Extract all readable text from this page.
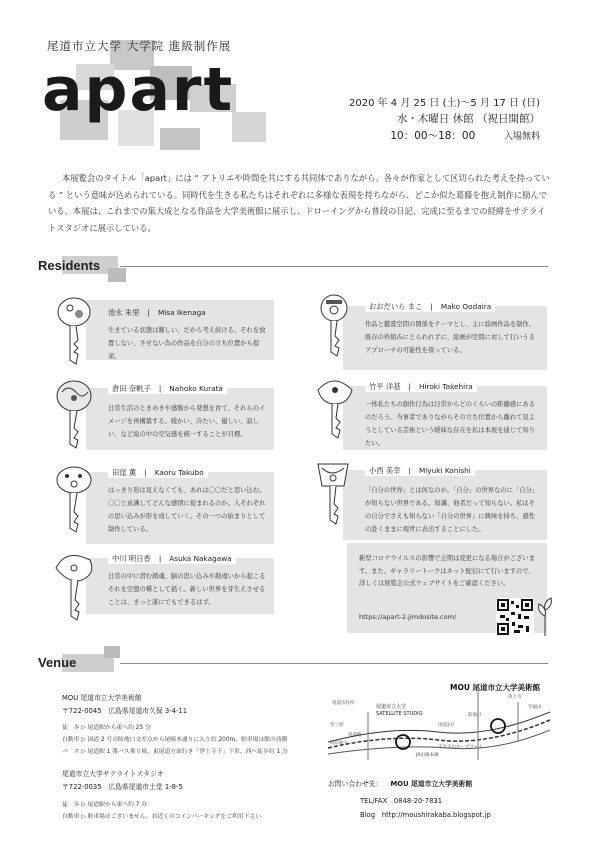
尾道市立大学 大学院 進級制作展
apart	2020 年 4 月 25 日 (土)～5 月 17 日 (日)
水・木曜日 休館 （祝日開館）
10：00～18：00	入場無料

本展覧会のタイトル「apart」には “ アトリエや時間を共にする共同体でありながら、各々が作家として区切られた考えを持っている ” という意味が込められている。同時代を生きる私たちはそれぞれに多様な表現を持ちながら、どこか似た葛藤を抱え制作に励んでいる。本展は、これまでの集大成となる作品を大学美術館に展示し、ドローイングから普段の日記、完成に至るまでの経緯をサテライトスタジオに展示している。

Residents
池永 朱里 | Misa Ikenaga
生きている状態は難しい、だから考え続ける。それを放置しない、させない為の作品を自分の立ち位置から提案。
おおだいら まこ | Mako Oodaira
作品と鑑賞空間の関係をテーマとし、主に絵画作品を制作。既存の枠組みにとらわれずに、絵画が空間に対して行いうるアプローチの可能性を探っている。
倉田 奈帆子 | Nahoko Kurata
日常生活のときめきや感動から発想を育て、それらのイメージを再構築する。暖かい、冷たい、優しい、寂しい、など絵の中の空気感を統一することが目標。
竹平 洋基 | Hiroki Takehira
一体私たちの創作行為は日常からどのくらいの距離感にあるのだろう。当事者でありながらその立ち位置から離れて見ようとしている芸術という曖昧な存在を私は本展を通じて知りたい。
田窪 薫 | Kaoru Takubo
はっきり形は見えなくても、あれは〇〇だと思い込む。〇〇と意識してどんな感情に捉まれるのか。人それぞれの思い込みが形を成していく。その一つの始まりとして制作している。
小西 美幸 | Miyuki Konishi
「自分の世界」とは何なのか。「自分」の世界なのに「自分」が知らない世界である。知識、他者だって知らない。私はその自分でさえも知らない「自分の世界」に興味を持ち、感性の赴くままに現世に表出することにした。
中川 明日香 | Asuka Nakagawa
日常の中に潜む鎮魂、脳の思い込みや勘違いから起こるそれを空想の種として描く。新しい世界を芽生えさせることは、きっと誰にでもできるはず。
新型コロナウイルスの影響で会期は変更になる場合がございます。また、ギャラリートークはネット配信にて行いますので、詳しくは展覧会公式ウェブサイトをご確認ください。
https://apart-2.jimdosite.com/
Venue
MOU 尾道市立大学美術館
〒722-0045　広島県尾道市久保 3-4-11
徒　歩 ▷ 尾道駅から東へ約 25 分
自動車 ▷ 国道 2 号の防地口交差点から尾崎本通りに入り約 200m。駐車場は館の西側
バ　ス ▷ 尾道駅 1 番バス乗り場、東尾道方面行き「浄土寺下」下車、西へ徒歩約 1 分
尾道市立大学サテライトスタジオ
〒722-0035　広島県尾道市土堂 1-8-5
徒　歩 ▷ 尾道駅から東へ約 7 分
自動車 ▷ 駐車場はございません。お近くのコインパーキングをご利用下さい
MOU 尾道市立大学美術館
尾道市立大学 SATELLITE STUDIO
尾道市役所
浄土寺
尾道駅
至福山
至三原	国道2号
防地口
千光寺山ロープウェイ
海岸通り
JR山陽本線
お問い合わせ先： MOU 尾道市立大学美術館
TEL/FAX　0848-20-7831
Blog　http://moushirakaba.blogspot.jp
